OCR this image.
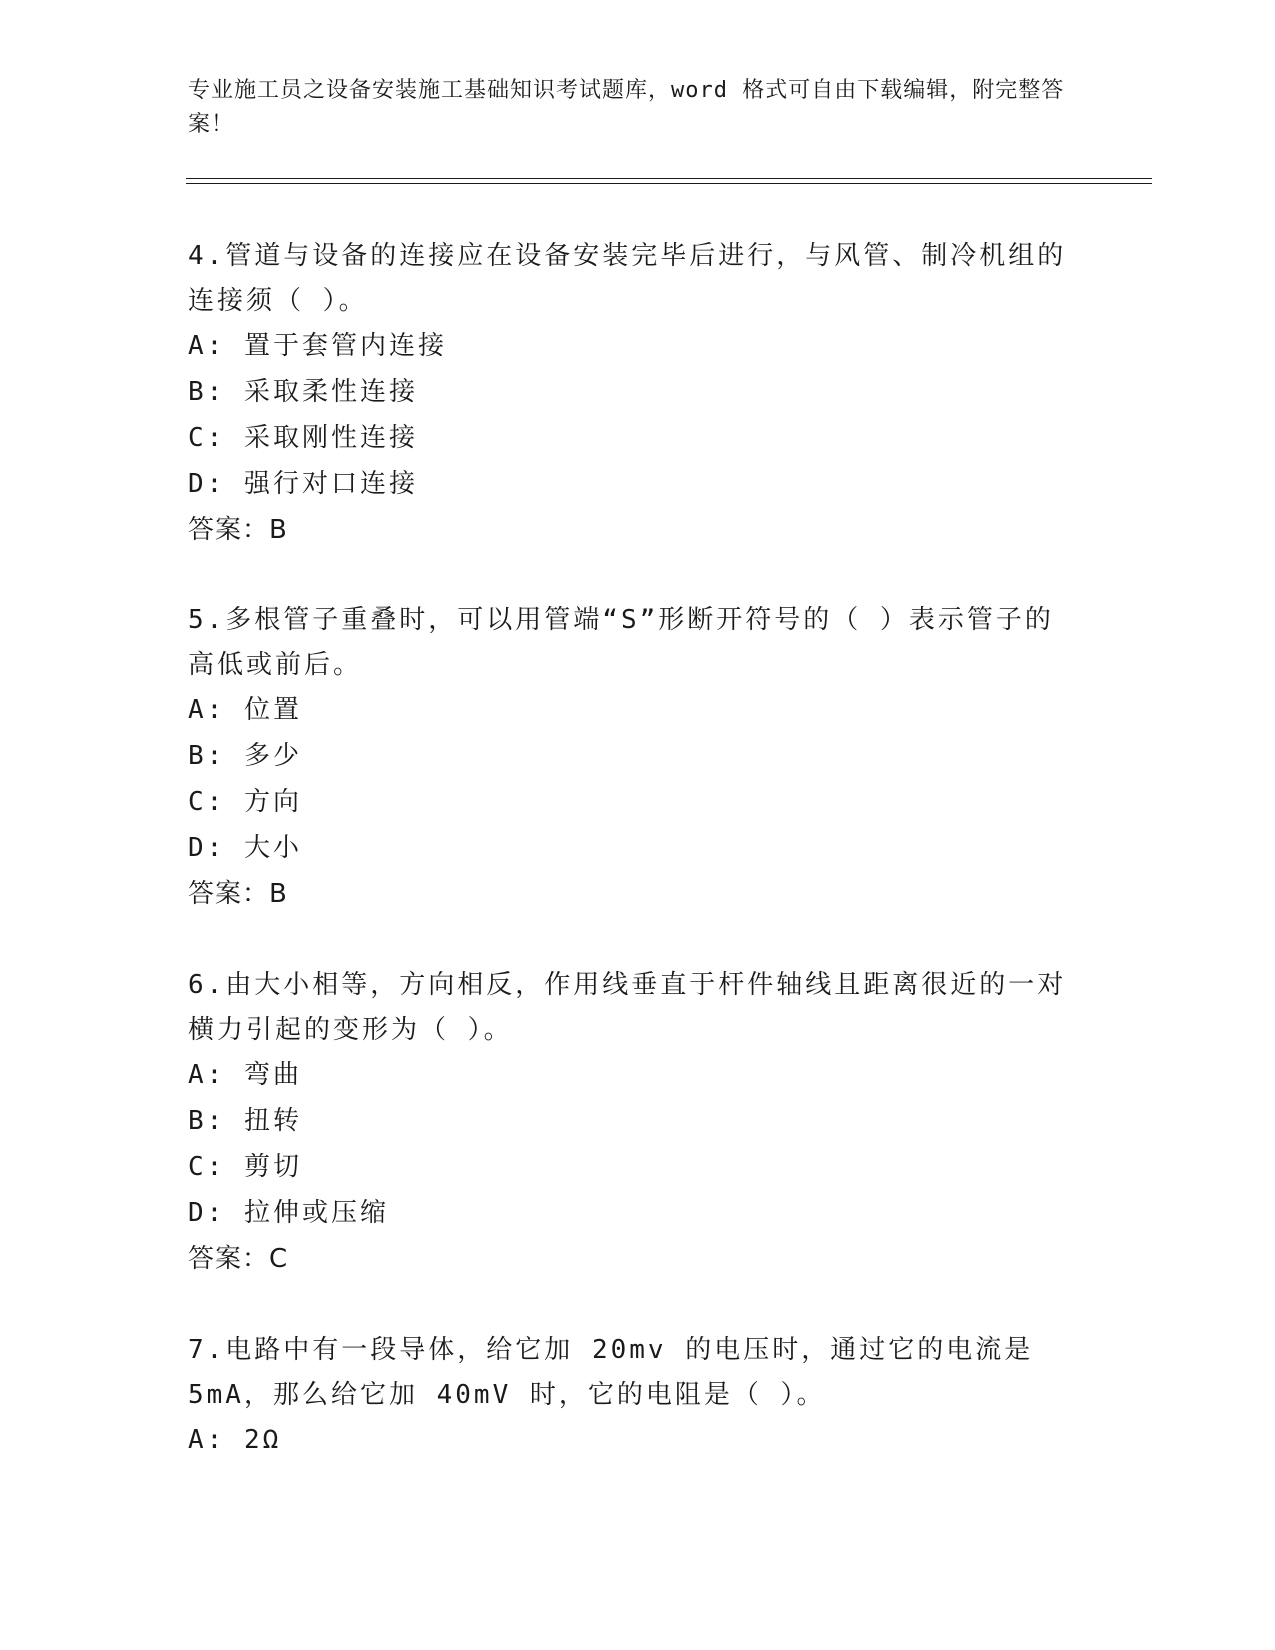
专业施工员之设备安装施工基础知识考试题库，word 格式可自由下载编辑，附完整答案！

4.管道与设备的连接应在设备安装完毕后进行，与风管、制冷机组的连接须（ ）。

A: 置于套管内连接

B: 采取柔性连接

C: 采取刚性连接

D: 强行对口连接

答案：B

5.多根管子重叠时，可以用管端“S”形断开符号的（ ）表示管子的高低或前后。

A: 位置

B: 多少

C: 方向

D: 大小

答案：B

6.由大小相等，方向相反，作用线垂直于杆件轴线且距离很近的一对横力引起的变形为（ ）。

A: 弯曲

B: 扭转

C: 剪切

D: 拉伸或压缩

答案：C

7.电路中有一段导体，给它加 20mv 的电压时，通过它的电流是 5mA，那么给它加 40mV 时，它的电阻是（ ）。

A: 2Ω
